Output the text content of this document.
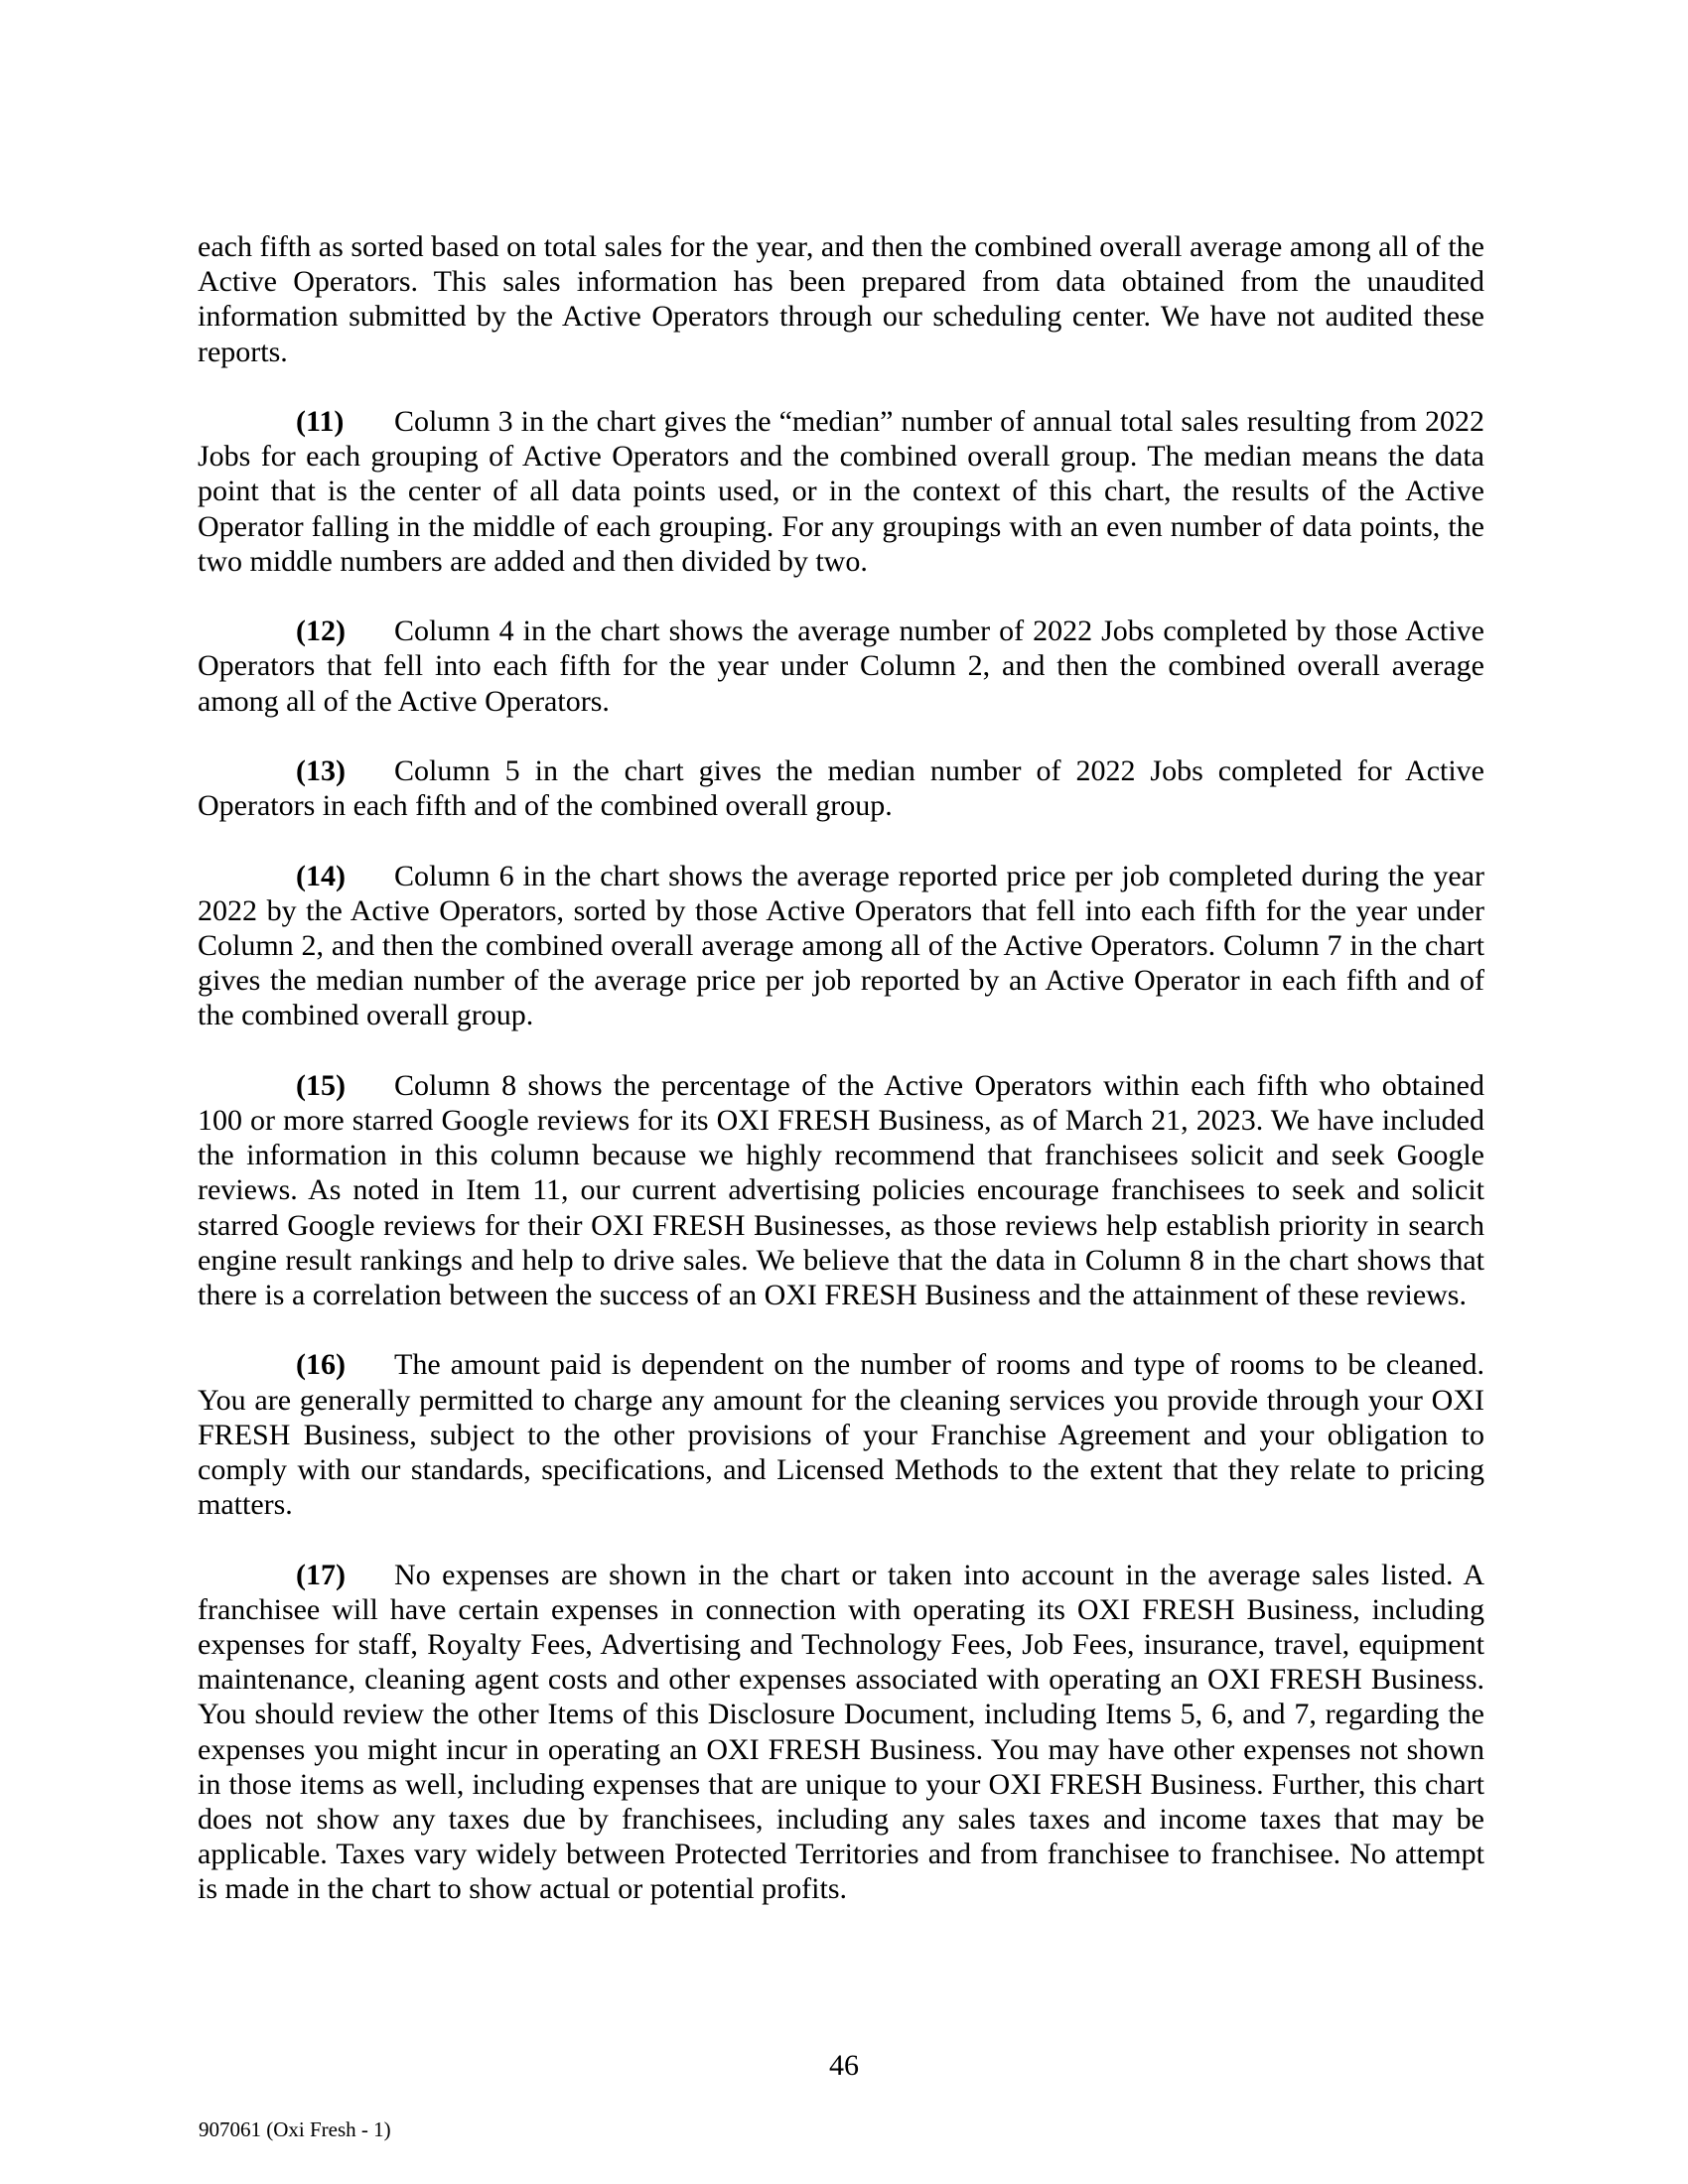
each fifth as sorted based on total sales for the year, and then the combined overall average among all of the Active Operators. This sales information has been prepared from data obtained from the unaudited information submitted by the Active Operators through our scheduling center. We have not audited these reports.

(11) Column 3 in the chart gives the “median” number of annual total sales resulting from 2022 Jobs for each grouping of Active Operators and the combined overall group. The median means the data point that is the center of all data points used, or in the context of this chart, the results of the Active Operator falling in the middle of each grouping. For any groupings with an even number of data points, the two middle numbers are added and then divided by two.

(12) Column 4 in the chart shows the average number of 2022 Jobs completed by those Active Operators that fell into each fifth for the year under Column 2, and then the combined overall average among all of the Active Operators.

(13) Column 5 in the chart gives the median number of 2022 Jobs completed for Active Operators in each fifth and of the combined overall group.

(14) Column 6 in the chart shows the average reported price per job completed during the year 2022 by the Active Operators, sorted by those Active Operators that fell into each fifth for the year under Column 2, and then the combined overall average among all of the Active Operators. Column 7 in the chart gives the median number of the average price per job reported by an Active Operator in each fifth and of the combined overall group.

(15) Column 8 shows the percentage of the Active Operators within each fifth who obtained 100 or more starred Google reviews for its OXI FRESH Business, as of March 21, 2023. We have included the information in this column because we highly recommend that franchisees solicit and seek Google reviews. As noted in Item 11, our current advertising policies encourage franchisees to seek and solicit starred Google reviews for their OXI FRESH Businesses, as those reviews help establish priority in search engine result rankings and help to drive sales. We believe that the data in Column 8 in the chart shows that there is a correlation between the success of an OXI FRESH Business and the attainment of these reviews.

(16) The amount paid is dependent on the number of rooms and type of rooms to be cleaned. You are generally permitted to charge any amount for the cleaning services you provide through your OXI FRESH Business, subject to the other provisions of your Franchise Agreement and your obligation to comply with our standards, specifications, and Licensed Methods to the extent that they relate to pricing matters.

(17) No expenses are shown in the chart or taken into account in the average sales listed. A franchisee will have certain expenses in connection with operating its OXI FRESH Business, including expenses for staff, Royalty Fees, Advertising and Technology Fees, Job Fees, insurance, travel, equipment maintenance, cleaning agent costs and other expenses associated with operating an OXI FRESH Business. You should review the other Items of this Disclosure Document, including Items 5, 6, and 7, regarding the expenses you might incur in operating an OXI FRESH Business. You may have other expenses not shown in those items as well, including expenses that are unique to your OXI FRESH Business. Further, this chart does not show any taxes due by franchisees, including any sales taxes and income taxes that may be applicable. Taxes vary widely between Protected Territories and from franchisee to franchisee. No attempt is made in the chart to show actual or potential profits.

46
907061 (Oxi Fresh - 1)
